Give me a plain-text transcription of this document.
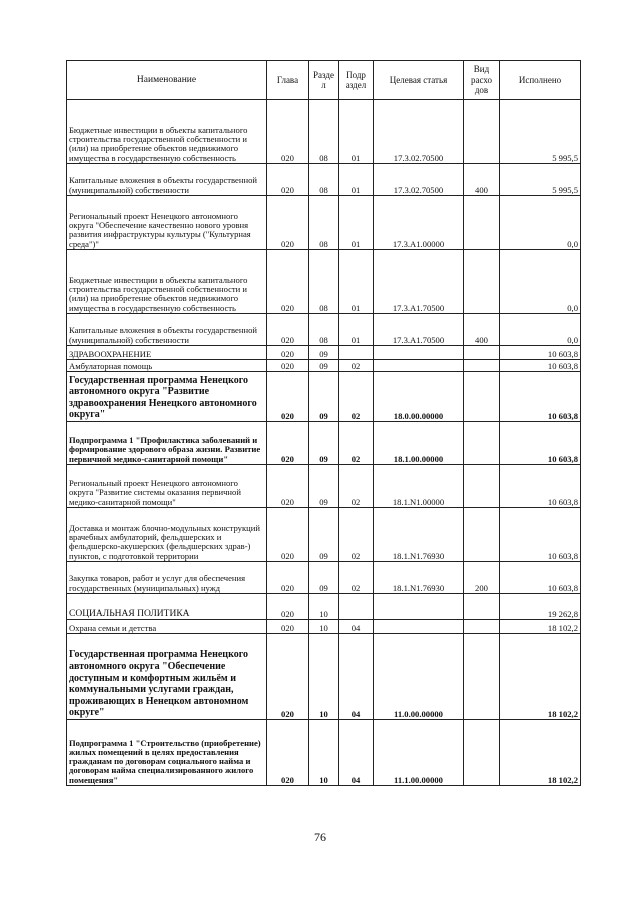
Наименование	Глава	Разде л	Подр аздел	Целевая статья	Вид расхо дов	Исполнено
Бюджетные инвестиции в объекты капитального строительства государственной собственности и (или) на приобретение объектов недвижимого имущества в государственную собственность	020	08	01	17.3.02.70500		5 995,5
Капитальные вложения в объекты государственной (муниципальной) собственности	020	08	01	17.3.02.70500	400	5 995,5
Региональный проект Ненецкого автономного округа "Обеспечение качественно нового уровня развития инфраструктуры культуры ("Культурная среда")"	020	08	01	17.3.A1.00000		0,0
Бюджетные инвестиции в объекты капитального строительства государственной собственности и (или) на приобретение объектов недвижимого имущества в государственную собственность	020	08	01	17.3.A1.70500		0,0
Капитальные вложения в объекты государственной (муниципальной) собственности	020	08	01	17.3.A1.70500	400	0,0
ЗДРАВООХРАНЕНИЕ	020	09				10 603,8
Амбулаторная помощь	020	09	02			10 603,8
Государственная программа Ненецкого автономного округа "Развитие здравоохранения Ненецкого автономного округа"	020	09	02	18.0.00.00000		10 603,8
Подпрограмма 1 "Профилактика заболеваний и формирование здорового образа жизни. Развитие первичной медико-санитарной помощи"	020	09	02	18.1.00.00000		10 603,8
Региональный проект Ненецкого автономного округа "Развитие системы оказания первичной медико-санитарной помощи"	020	09	02	18.1.N1.00000		10 603,8
Доставка и монтаж блочно-модульных конструкций врачебных амбулаторий, фельдшерских и фельдшерско-акушерских (фельдшерских здрав-) пунктов, с подготовкой территории	020	09	02	18.1.N1.76930		10 603,8
Закупка товаров, работ и услуг для обеспечения государственных (муниципальных) нужд	020	09	02	18.1.N1.76930	200	10 603,8
СОЦИАЛЬНАЯ ПОЛИТИКА	020	10				19 262,8
Охрана семьи и детства	020	10	04			18 102,2
Государственная программа Ненецкого автономного округа "Обеспечение доступным и комфортным жильём и коммунальными услугами граждан, проживающих в Ненецком автономном округе"	020	10	04	11.0.00.00000		18 102,2
Подпрограмма 1 "Строительство (приобретение) жилых помещений в целях предоставления гражданам по договорам социального найма и договорам найма специализированного жилого помещения"	020	10	04	11.1.00.00000		18 102,2
76
